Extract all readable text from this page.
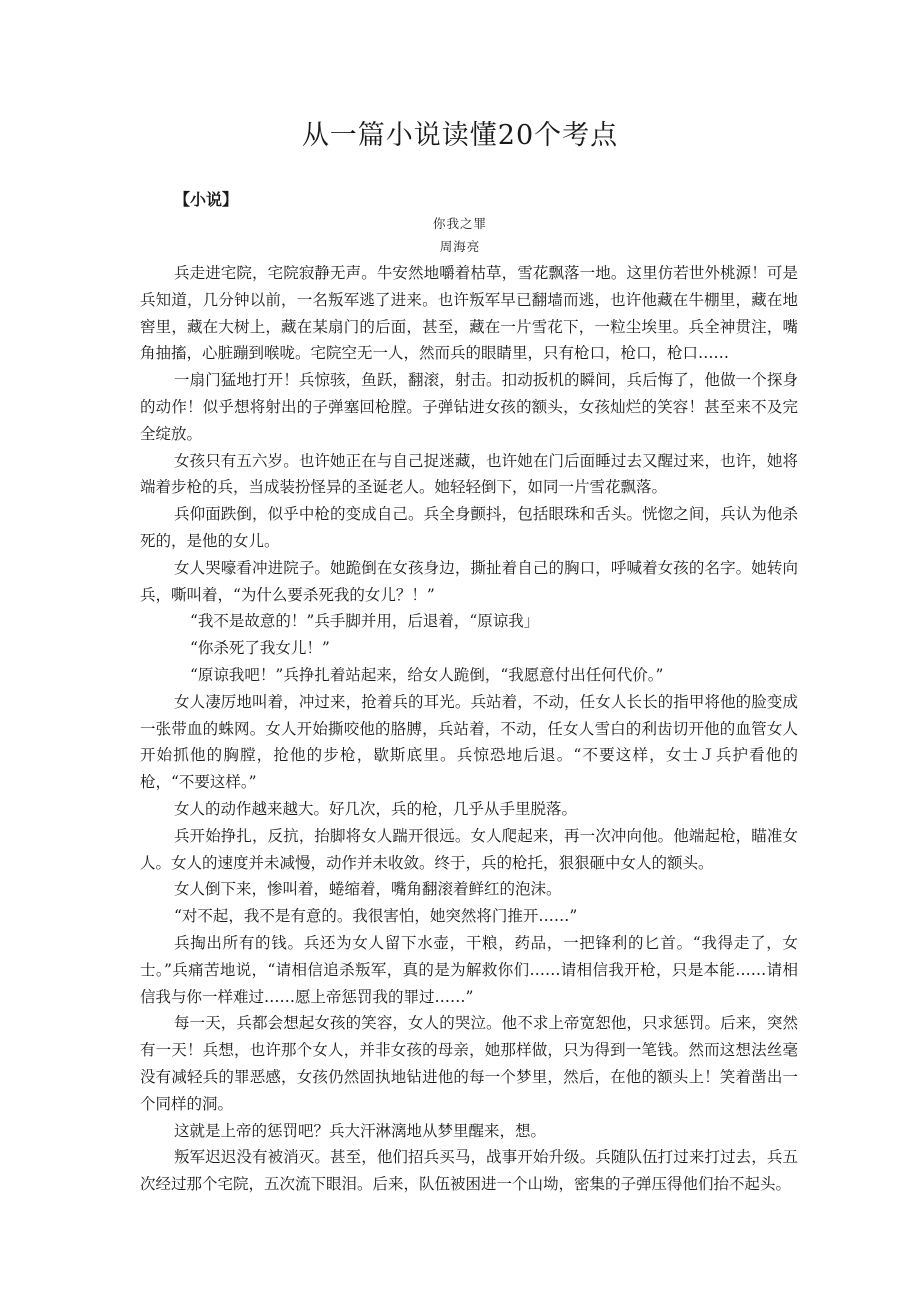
从一篇小说读懂20个考点
【小说】
你我之罪
周海亮

兵走进宅院，宅院寂静无声。牛安然地嚼着枯草，雪花飘落一地。这里仿若世外桃源！可是兵知道，几分钟以前，一名叛军逃了进来。也许叛军早已翻墙而逃，也许他藏在牛棚里，藏在地窖里，藏在大树上，藏在某扇门的后面，甚至，藏在一片雪花下，一粒尘埃里。兵全神贯注，嘴角抽搐，心脏蹦到喉咙。宅院空无一人，然而兵的眼睛里，只有枪口，枪口，枪口……

一扇门猛地打开！兵惊骇，鱼跃，翻滚，射击。扣动扳机的瞬间，兵后悔了，他做一个探身的动作！似乎想将射出的子弹塞回枪膛。子弹钻进女孩的额头，女孩灿烂的笑容！甚至来不及完全绽放。

女孩只有五六岁。也许她正在与自己捉迷藏，也许她在门后面睡过去又醒过来，也许，她将端着步枪的兵，当成装扮怪异的圣诞老人。她轻轻倒下，如同一片雪花飘落。

兵仰面跌倒，似乎中枪的变成自己。兵全身颤抖，包括眼珠和舌头。恍惚之间，兵认为他杀死的，是他的女儿。

女人哭嚎看冲进院子。她跪倒在女孩身边，撕扯着自己的胸口，呼喊着女孩的名字。她转向兵，嘶叫着，“为什么要杀死我的女儿？！”

“我不是故意的！”兵手脚并用，后退着，“原谅我」

“你杀死了我女儿！”

“原谅我吧！”兵挣扎着站起来，给女人跪倒，“我愿意付出任何代价。”

女人凄厉地叫着，冲过来，抢着兵的耳光。兵站着，不动，任女人长长的指甲将他的脸变成一张带血的蛛网。女人开始撕咬他的胳膊，兵站着，不动，任女人雪白的利齿切开他的血管女人开始抓他的胸膛，抢他的步枪，歇斯底里。兵惊恐地后退。“不要这样，女士Ｊ兵护看他的枪，“不要这样。”

女人的动作越来越大。好几次，兵的枪，几乎从手里脱落。

兵开始挣扎，反抗，抬脚将女人踹开很远。女人爬起来，再一次冲向他。他端起枪，瞄准女人。女人的速度并未减慢，动作并未收敛。终于，兵的枪托，狠狠砸中女人的额头。

女人倒下来，惨叫着，蜷缩着，嘴角翻滚着鲜红的泡沫。

“对不起，我不是有意的。我很害怕，她突然将门推开……”

兵掏出所有的钱。兵还为女人留下水壶，干粮，药品，一把锋利的匕首。“我得走了，女士。”兵痛苦地说，“请相信追杀叛军，真的是为解救你们……请相信我开枪，只是本能……请相信我与你一样难过……愿上帝惩罚我的罪过……”

每一天，兵都会想起女孩的笑容，女人的哭泣。他不求上帝宽恕他，只求惩罚。后来，突然有一天！兵想，也许那个女人，并非女孩的母亲，她那样做，只为得到一笔钱。然而这想法丝毫没有减轻兵的罪恶感，女孩仍然固执地钻进他的每一个梦里，然后，在他的额头上！笑着凿出一个同样的洞。

这就是上帝的惩罚吧？兵大汗淋漓地从梦里醒来，想。

叛军迟迟没有被消灭。甚至，他们招兵买马，战事开始升级。兵随队伍打过来打过去，兵五次经过那个宅院，五次流下眼泪。后来，队伍被困进一个山坳，密集的子弹压得他们抬不起头。
